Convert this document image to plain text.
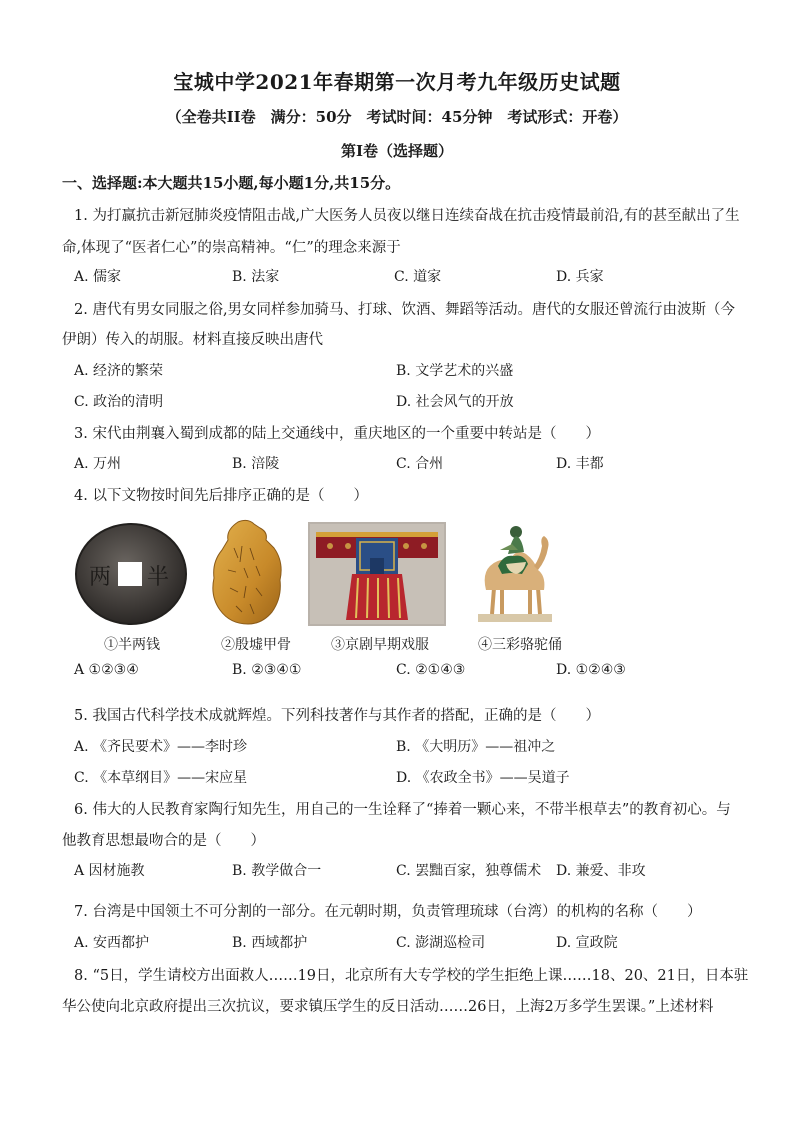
宝城中学2021年春期第一次月考九年级历史试题
（全卷共II卷　满分：50分　考试时间：45分钟　考试形式：开卷）
第I卷（选择题）
一、选择题:本大题共15小题,每小题1分,共15分。
1. 为打赢抗击新冠肺炎疫情阻击战,广大医务人员夜以继日连续奋战在抗击疫情最前沿,有的甚至献出了生
命,体现了“医者仁心”的崇高精神。“仁”的理念来源于
A. 儒家	B. 法家	C. 道家	D. 兵家
2. 唐代有男女同服之俗,男女同样参加骑马、打球、饮酒、舞蹈等活动。唐代的女服还曾流行由波斯（今
伊朗）传入的胡服。材料直接反映出唐代
A. 经济的繁荣	B. 文学艺术的兴盛
C. 政治的清明	D. 社会风气的开放
3. 宋代由荆襄入蜀到成都的陆上交通线中，重庆地区的一个重要中转站是（　　）
A. 万州	B. 涪陵	C. 合州	D. 丰都
4. 以下文物按时间先后排序正确的是（　　）
半
两
①半两钱	②殷墟甲骨	③京剧早期戏服	④三彩骆驼俑
A ①②③④	B. ②③④①	C. ②①④③	D. ①②④③
5. 我国古代科学技术成就辉煌。下列科技著作与其作者的搭配，正确的是（　　）
A. 《齐民要术》——李时珍	B. 《大明历》——祖冲之
C. 《本草纲目》——宋应星	D. 《农政全书》——吴道子
6. 伟大的人民教育家陶行知先生，用自己的一生诠释了“捧着一颗心来，不带半根草去”的教育初心。与
他教育思想最吻合的是（　　）
A 因材施教	B. 教学做合一	C. 罢黜百家，独尊儒术 D. 兼爱、非攻
7. 台湾是中国领土不可分割的一部分。在元朝时期，负责管理琉球（台湾）的机构的名称（　　）
A. 安西都护	B. 西域都护	C. 澎湖巡检司	D. 宣政院
8. “5日，学生请校方出面救人……19日，北京所有大专学校的学生拒绝上课……18、20、21日，日本驻
华公使向北京政府提出三次抗议，要求镇压学生的反日活动……26日，上海2万多学生罢课。”上述材料
